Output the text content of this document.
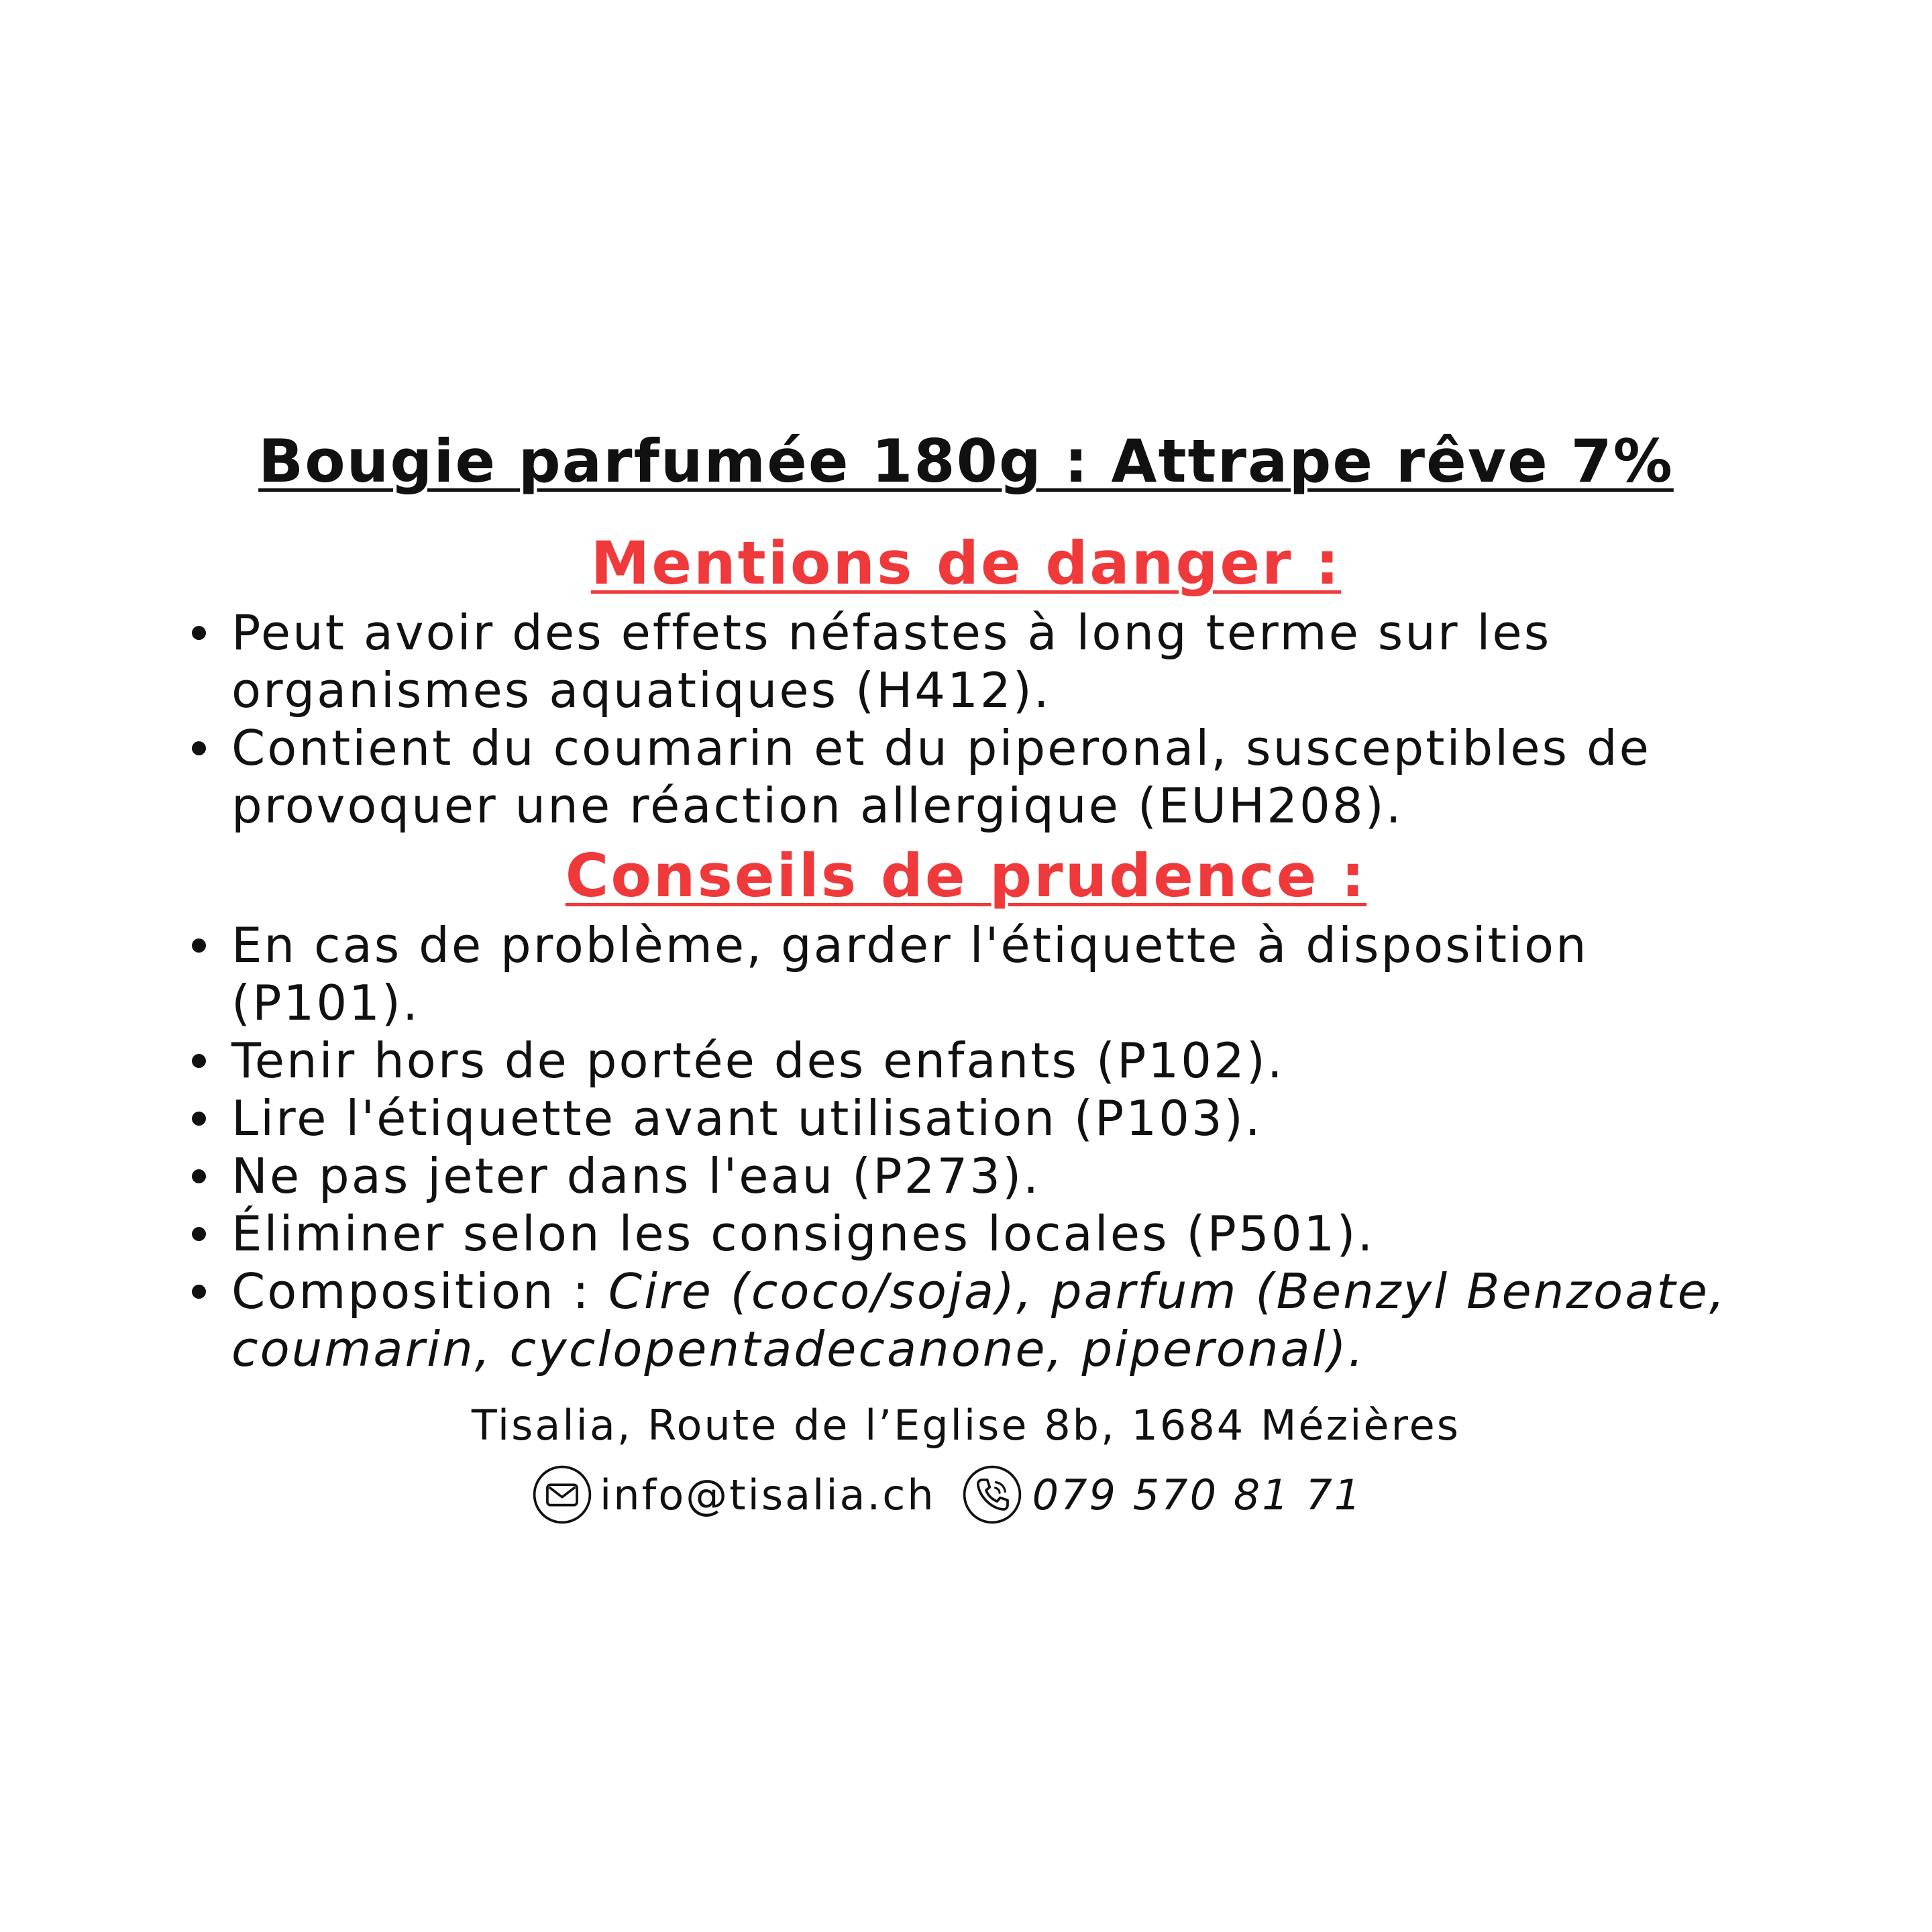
Bougie parfumée 180g : Attrape rêve 7%
Mentions de danger :
Peut avoir des effets néfastes à long terme sur les organismes aquatiques (H412).
Contient du coumarin et du piperonal, susceptibles de provoquer une réaction allergique (EUH208).
Conseils de prudence :
En cas de problème, garder l'étiquette à disposition (P101).
Tenir hors de portée des enfants (P102).
Lire l'étiquette avant utilisation (P103).
Ne pas jeter dans l'eau (P273).
Éliminer selon les consignes locales (P501).
Composition : Cire (coco/soja), parfum (Benzyl Benzoate, coumarin, cyclopentadecanone, piperonal).
Tisalia, Route de l’Eglise 8b, 1684 Mézières
info@tisalia.ch 079 570 81 71
